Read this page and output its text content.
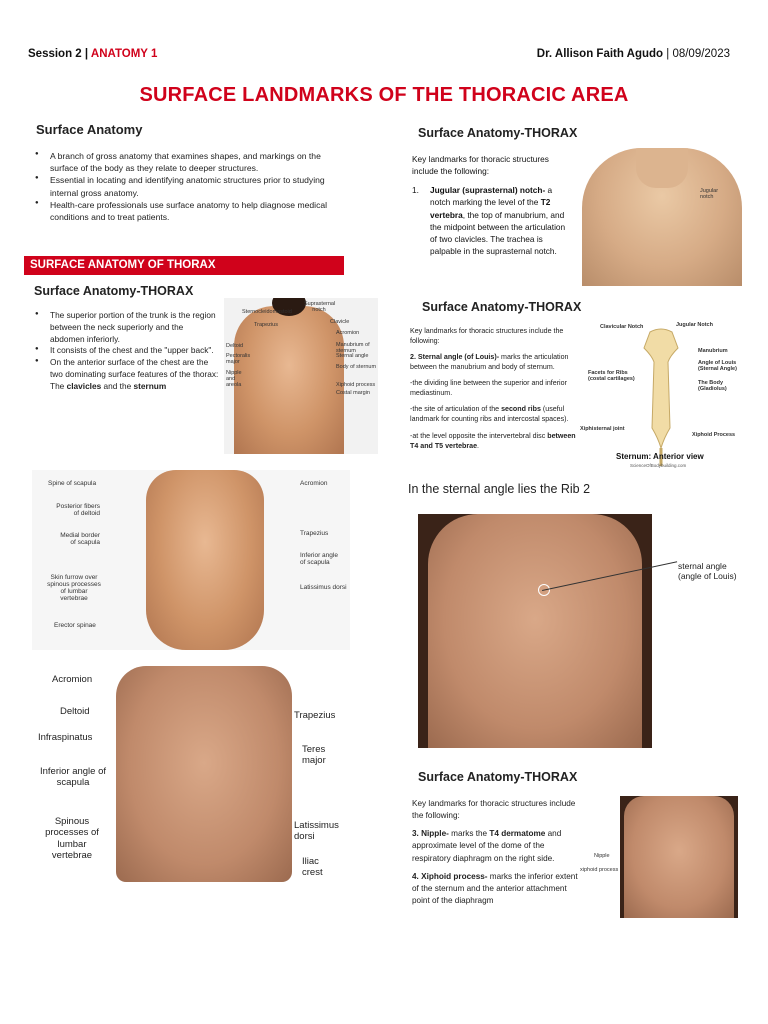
Session 2 | ANATOMY 1	Dr. Allison Faith Agudo | 08/09/2023
SURFACE LANDMARKS OF THE THORACIC AREA
Surface Anatomy
● A branch of gross anatomy that examines shapes, and markings on the surface of the body as they relate to deeper structures.
● Essential in locating and identifying anatomic structures prior to studying internal gross anatomy.
● Health-care professionals use surface anatomy to help diagnose medical conditions and to treat patients.
SURFACE ANATOMY OF THORAX
Surface Anatomy-THORAX
● The superior portion of the trunk is the region between the neck superiorly and the abdomen inferiorly.
● It consists of the chest and the "upper back".
● On the anterior surface of the chest are the two dominating surface features of the thorax: The clavicles and the sternum
Suprasternal notch
Sternocleidomastoid
Trapezius	Clavicle
Deltoid
Acromion
Pectoralis major
Manubrium of sternum
Sternal angle
Nipple and areola
Body of sternum
Xiphoid process
Costal margin
Surface Anatomy-THORAX
Key landmarks for thoracic structures include the following:
1.	Jugular (suprasternal) notch- a notch marking the level of the T2 vertebra, the top of manubrium, and the midpoint between the articulation of two clavicles. The trachea is palpable in the suprasternal notch.
Jugular notch
Surface Anatomy-THORAX
Key landmarks for thoracic structures include the following:
2. Sternal angle (of Louis)- marks the articulation between the manubrium and body of sternum.
-the dividing line between the superior and inferior mediastinum.
-the site of articulation of the second ribs (useful landmark for counting ribs and intercostal spaces).
-at the level opposite the intervertebral disc between T4 and T5 vertebrae.
Clavicular Notch	Jugular Notch
Manubrium
Angle of Louis (Sternal Angle)
Facets for Ribs (costal cartilages)
The Body (Gladiolus)
Xiphisternal joint
Xiphoid Process
Sternum: Anterior view
ScienceOfBodybuilding.com
Spine of scapula
Posterior fibers of deltoid
Medial border of scapula
Skin furrow over spinous processes of lumbar vertebrae
Erector spinae
Acromion
Trapezius
Inferior angle of scapula
Latissimus dorsi
Acromion
Deltoid
Infraspinatus
Inferior angle of scapula
Spinous processes of lumbar vertebrae
Trapezius
Teres major
Latissimus dorsi
Iliac crest
In the sternal angle lies the Rib 2
sternal angle (angle of Louis)
Surface Anatomy-THORAX
Key landmarks for thoracic structures include the following:
3. Nipple- marks the T4 dermatome and approximate level of the dome of the respiratory diaphragm on the right side.
4. Xiphoid process- marks the inferior extent of the sternum and the anterior attachment point of the diaphragm
Nipple
xiphoid process
